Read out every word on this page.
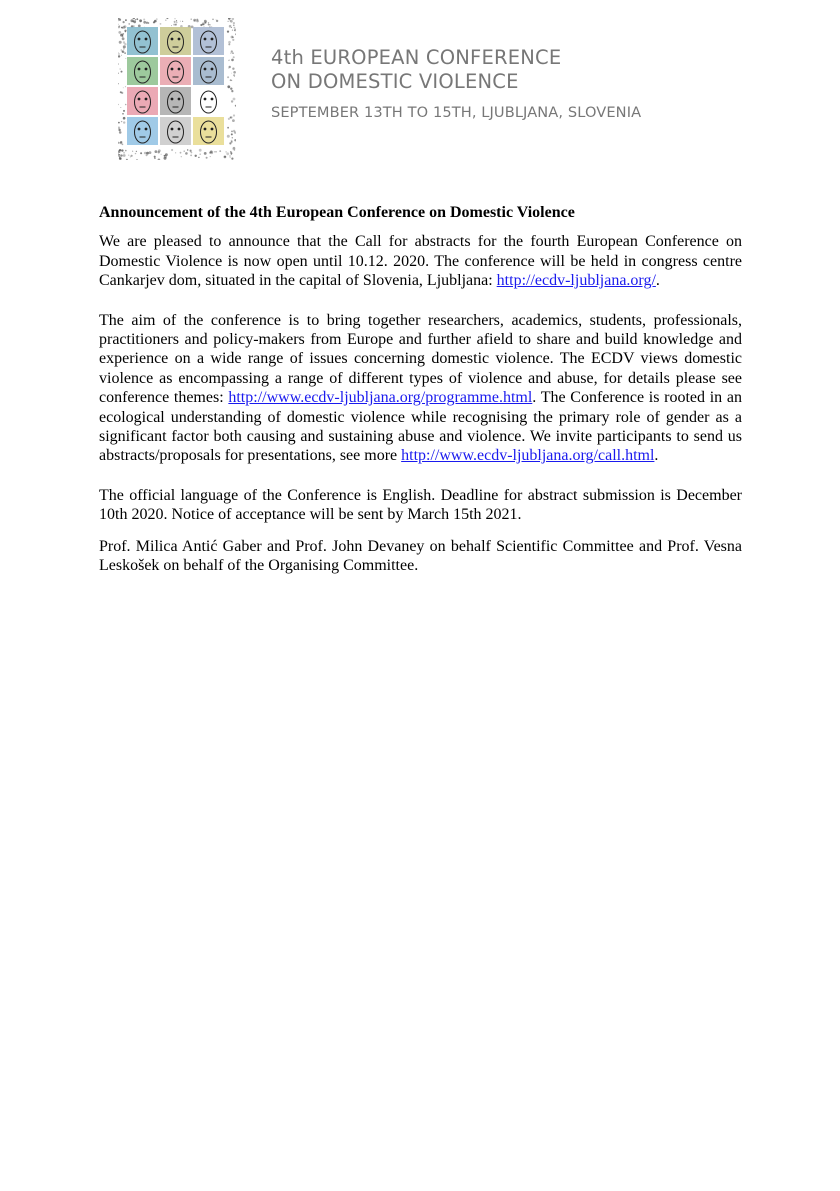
4th EUROPEAN CONFERENCE
ON DOMESTIC VIOLENCE
SEPTEMBER 13TH TO 15TH, LJUBLJANA, SLOVENIA
Announcement of the 4th European Conference on Domestic Violence

We are pleased to announce that the Call for abstracts for the fourth European Conference on Domestic Violence is now open until 10.12. 2020. The conference will be held in congress centre Cankarjev dom, situated in the capital of Slovenia, Ljubljana: http://ecdv-ljubljana.org/.

The aim of the conference is to bring together researchers, academics, students, professionals, practitioners and policy-makers from Europe and further afield to share and build knowledge and experience on a wide range of issues concerning domestic violence. The ECDV views domestic violence as encompassing a range of different types of violence and abuse, for details please see conference themes: http://www.ecdv-ljubljana.org/programme.html. The Conference is rooted in an ecological understanding of domestic violence while recognising the primary role of gender as a significant factor both causing and sustaining abuse and violence. We invite participants to send us abstracts/proposals for presentations, see more http://www.ecdv-ljubljana.org/call.html.

The official language of the Conference is English. Deadline for abstract submission is December 10th 2020. Notice of acceptance will be sent by March 15th 2021.

Prof. Milica Antić Gaber and Prof. John Devaney on behalf Scientific Committee and Prof. Vesna Leskošek on behalf of the Organising Committee.
